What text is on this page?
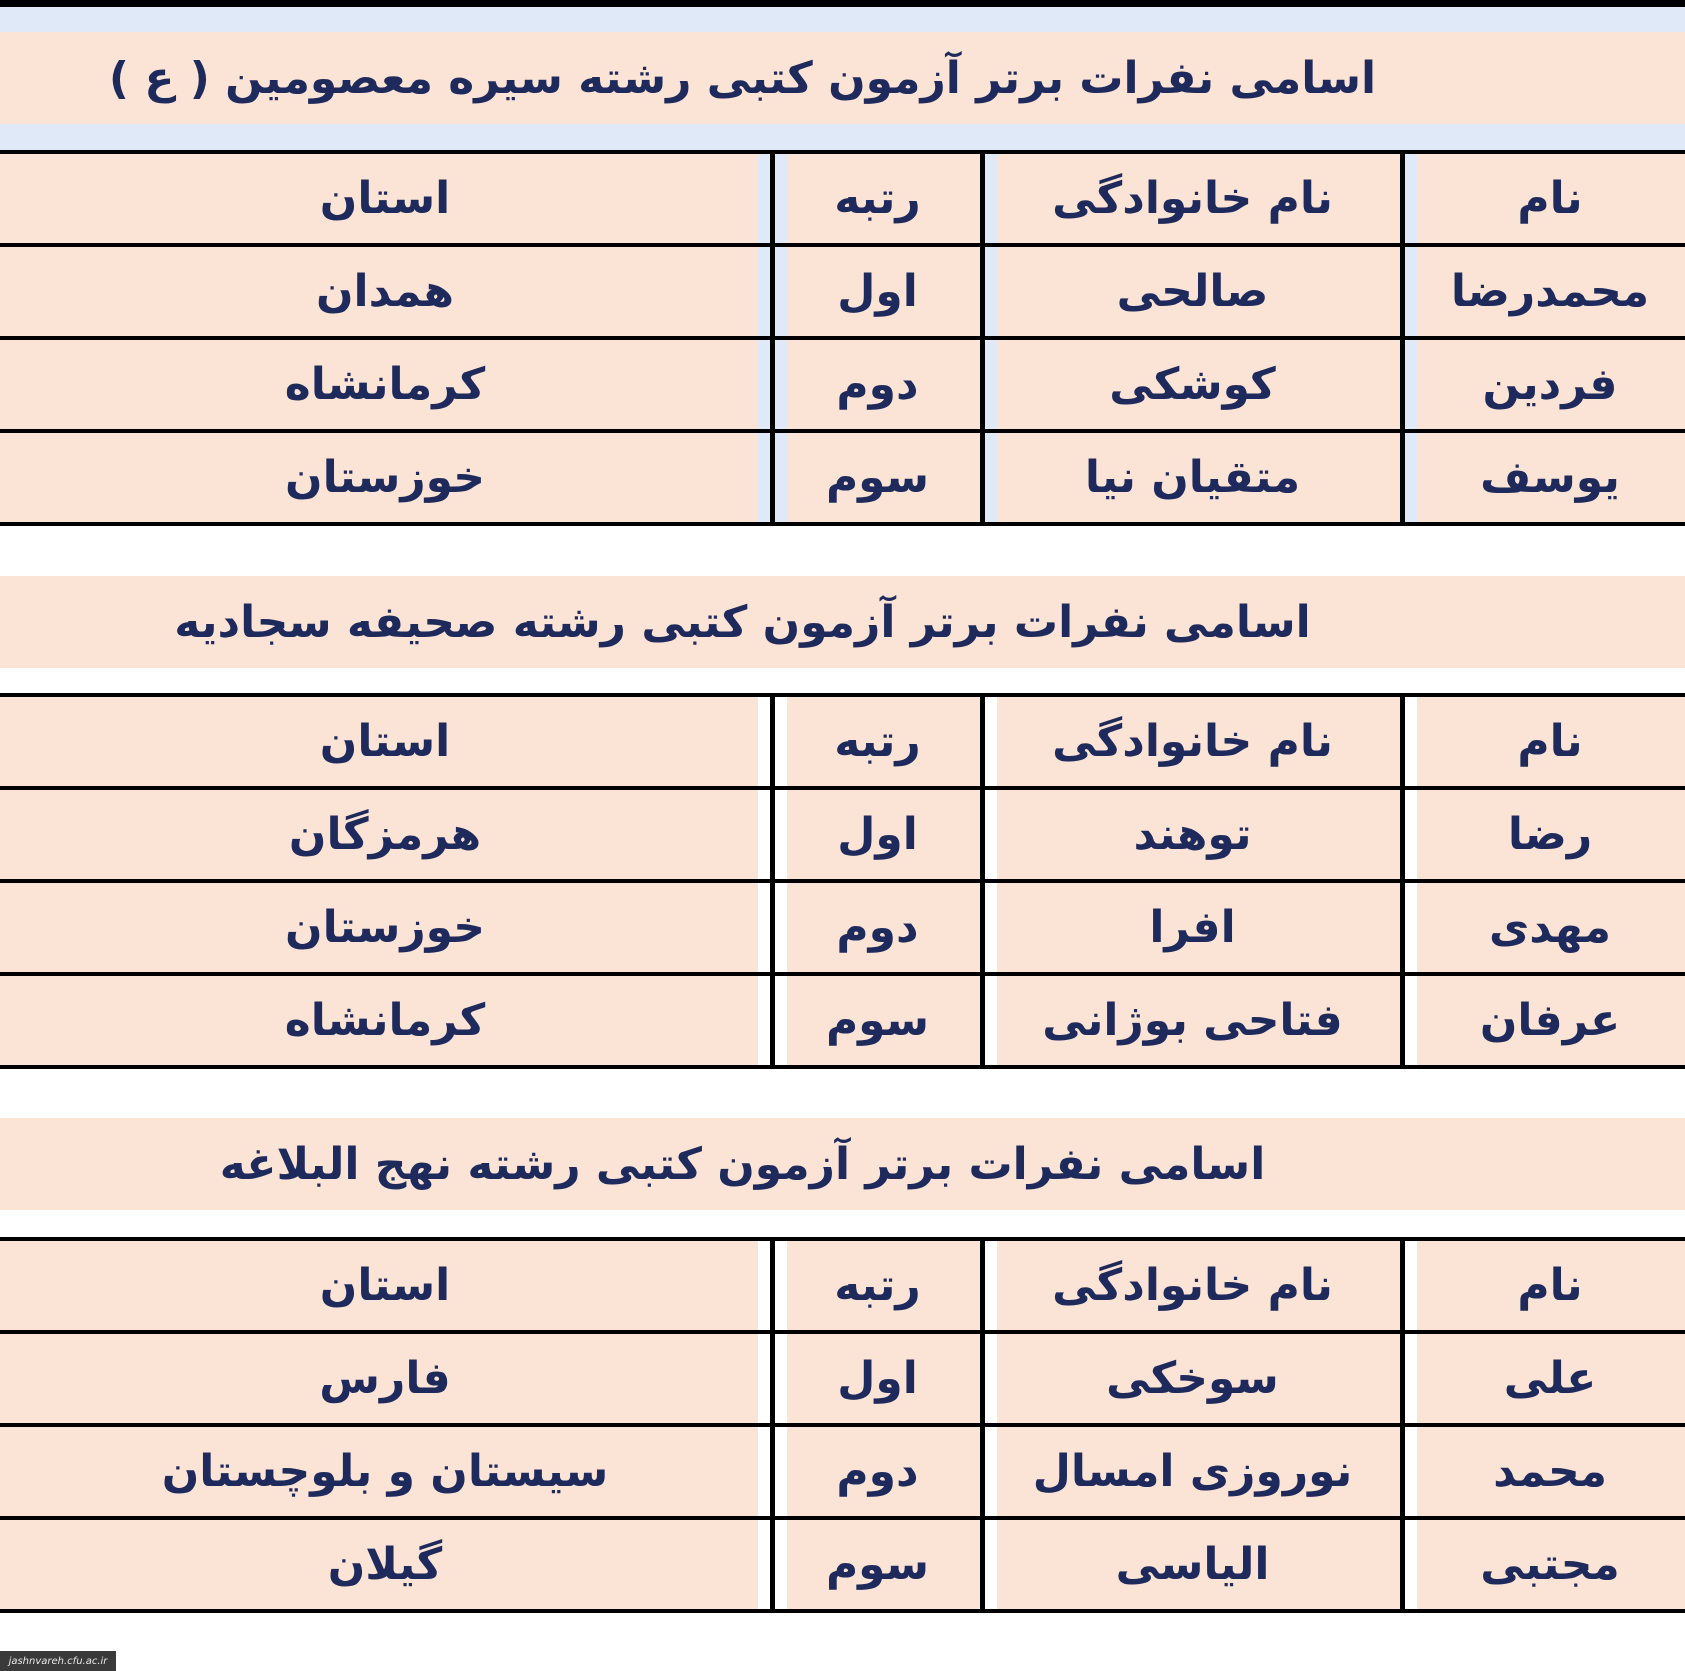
اسامی نفرات برتر آزمون کتبی رشته سیره معصومین ( ع )
نام	نام خانوادگی	رتبه	استان
محمدرضا	صالحی	اول	همدان
فردین	کوشکی	دوم	کرمانشاه
یوسف	متقیان نیا	سوم	خوزستان
اسامی نفرات برتر آزمون کتبی رشته صحیفه سجادیه
نام	نام خانوادگی	رتبه	استان
رضا	توهند	اول	هرمزگان
مهدی	افرا	دوم	خوزستان
عرفان	فتاحی بوژانی	سوم	کرمانشاه
اسامی نفرات برتر آزمون کتبی رشته نهج البلاغه
نام	نام خانوادگی	رتبه	استان
علی	سوخکی	اول	فارس
محمد	نوروزی امسال	دوم	سیستان و بلوچستان
مجتبی	الیاسی	سوم	گیلان
jashnvareh.cfu.ac.ir
